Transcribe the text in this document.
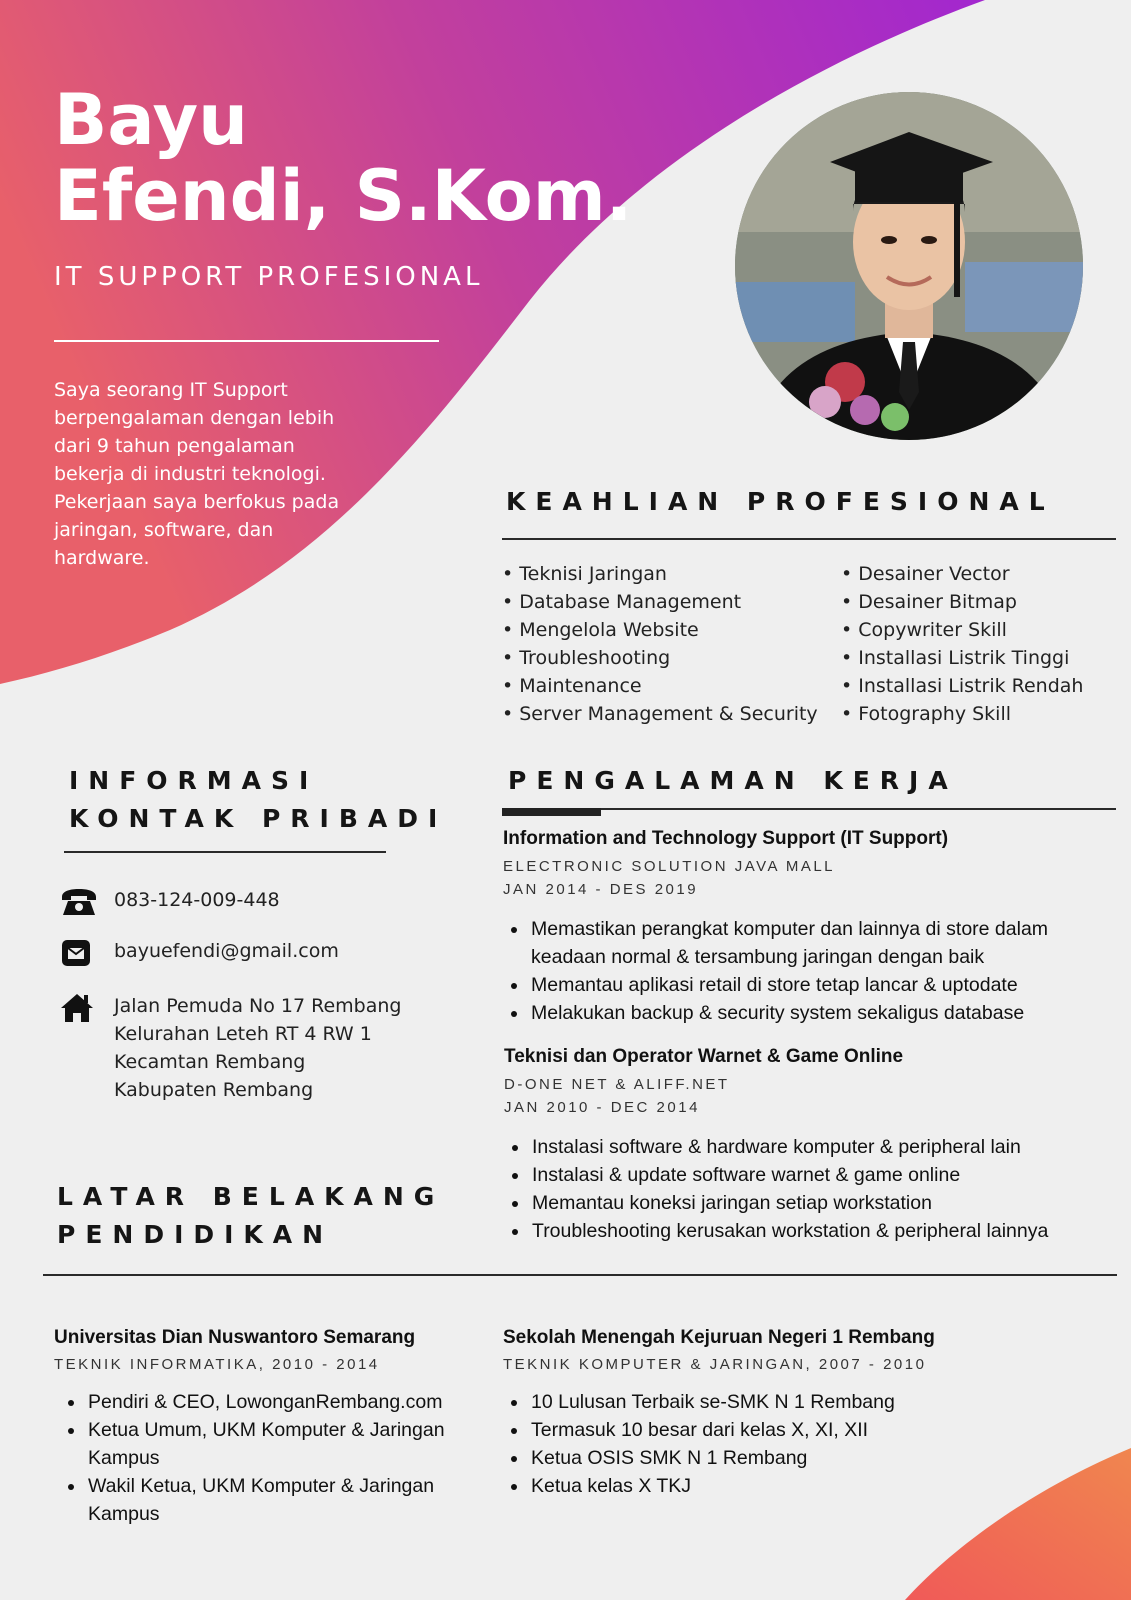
Bayu
Efendi, S.Kom.
IT SUPPORT PROFESIONAL
Saya seorang IT Support berpengalaman dengan lebih dari 9 tahun pengalaman bekerja di industri teknologi. Pekerjaan saya berfokus pada jaringan, software, dan hardware.
KEAHLIAN PROFESIONAL
• Teknisi Jaringan
• Database Management
• Mengelola Website
• Troubleshooting
• Maintenance
• Server Management & Security
• Desainer Vector
• Desainer Bitmap
• Copywriter Skill
• Installasi Listrik Tinggi
• Installasi Listrik Rendah
• Fotography Skill
INFORMASI
KONTAK PRIBADI
083-124-009-448
bayuefendi@gmail.com
Jalan Pemuda No 17 Rembang
Kelurahan Leteh RT 4 RW 1
Kecamtan Rembang
Kabupaten Rembang
PENGALAMAN KERJA
Information and Technology Support (IT Support)
ELECTRONIC SOLUTION JAVA MALL
JAN 2014 - DES 2019
• Memastikan perangkat komputer dan lainnya di store dalam keadaan normal & tersambung jaringan dengan baik
• Memantau aplikasi retail di store tetap lancar & uptodate
• Melakukan backup & security system sekaligus database
Teknisi dan Operator Warnet & Game Online
D-ONE NET & ALIFF.NET
JAN 2010 - DEC 2014
• Instalasi software & hardware komputer & peripheral lain
• Instalasi & update software warnet & game online
• Memantau koneksi jaringan setiap workstation
• Troubleshooting kerusakan workstation & peripheral lainnya
LATAR BELAKANG
PENDIDIKAN
Universitas Dian Nuswantoro Semarang
TEKNIK INFORMATIKA, 2010 - 2014
• Pendiri & CEO, LowonganRembang.com
• Ketua Umum, UKM Komputer & Jaringan Kampus
• Wakil Ketua, UKM Komputer & Jaringan Kampus
Sekolah Menengah Kejuruan Negeri 1 Rembang
TEKNIK KOMPUTER & JARINGAN, 2007 - 2010
• 10 Lulusan Terbaik se-SMK N 1 Rembang
• Termasuk 10 besar dari kelas X, XI, XII
• Ketua OSIS SMK N 1 Rembang
• Ketua kelas X TKJ
